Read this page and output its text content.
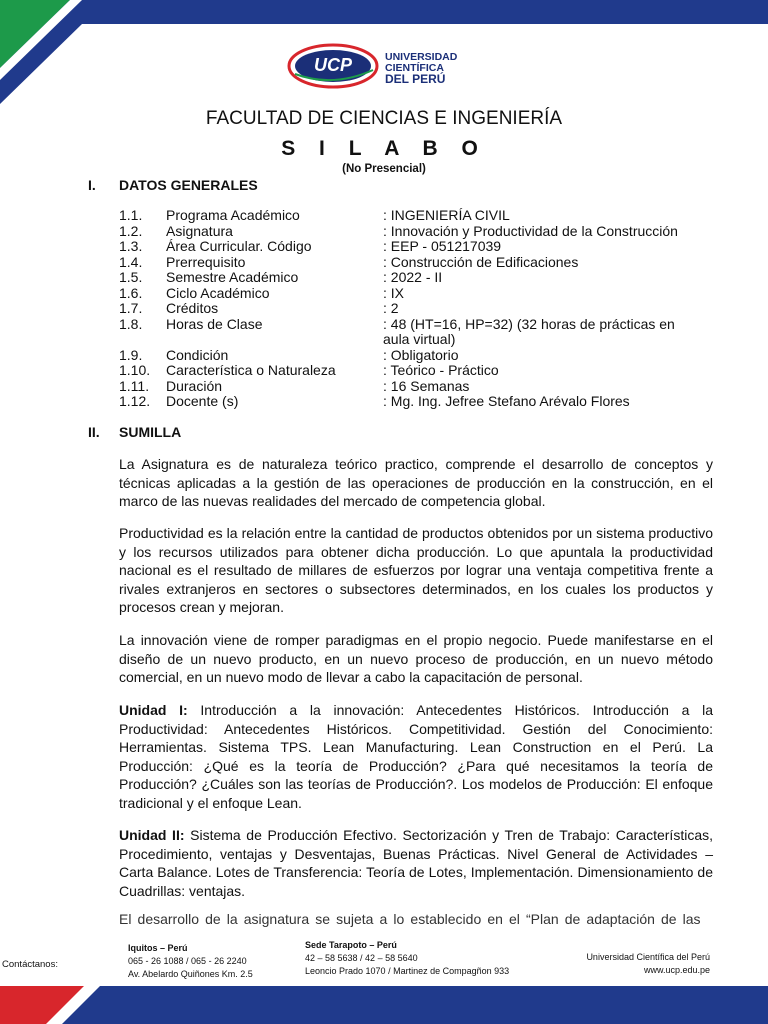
UCP	UNIVERSIDAD
CIENTÍFICA
DEL PERÚ
FACULTAD DE CIENCIAS E INGENIERÍA
S I L A B O
(No Presencial)
I. DATOS GENERALES
1.1. Programa Académico	: INGENIERÍA CIVIL
1.2. Asignatura	: Innovación y Productividad de la Construcción
1.3. Área Curricular. Código	: EEP - 051217039
1.4. Prerrequisito	: Construcción de Edificaciones
1.5. Semestre Académico	: 2022 - II
1.6. Ciclo Académico	: IX
1.7. Créditos	: 2
1.8. Horas de Clase	: 48 (HT=16, HP=32) (32 horas de prácticas en aula virtual)
1.9. Condición	: Obligatorio
1.10. Característica o Naturaleza	: Teórico - Práctico
1.11. Duración	: 16 Semanas
1.12. Docente (s)	: Mg. Ing. Jefree Stefano Arévalo Flores
II. SUMILLA
La Asignatura es de naturaleza teórico practico, comprende el desarrollo de conceptos y técnicas aplicadas a la gestión de las operaciones de producción en la construcción, en el marco de las nuevas realidades del mercado de competencia global.
Productividad es la relación entre la cantidad de productos obtenidos por un sistema productivo y los recursos utilizados para obtener dicha producción. Lo que apuntala la productividad nacional es el resultado de millares de esfuerzos por lograr una ventaja competitiva frente a rivales extranjeros en sectores o subsectores determinados, en los cuales los productos y procesos crean y mejoran.
La innovación viene de romper paradigmas en el propio negocio. Puede manifestarse en el diseño de un nuevo producto, en un nuevo proceso de producción, en un nuevo método comercial, en un nuevo modo de llevar a cabo la capacitación de personal.
Unidad I: Introducción a la innovación: Antecedentes Históricos. Introducción a la Productividad: Antecedentes Históricos. Competitividad. Gestión del Conocimiento: Herramientas. Sistema TPS. Lean Manufacturing. Lean Construction en el Perú. La Producción: ¿Qué es la teoría de Producción? ¿Para qué necesitamos la teoría de Producción? ¿Cuáles son las teorías de Producción?. Los modelos de Producción: El enfoque tradicional y el enfoque Lean.
Unidad II: Sistema de Producción Efectivo. Sectorización y Tren de Trabajo: Características, Procedimiento, ventajas y Desventajas, Buenas Prácticas. Nivel General de Actividades – Carta Balance. Lotes de Transferencia: Teoría de Lotes, Implementación. Dimensionamiento de Cuadrillas: ventajas.
El desarrollo de la asignatura se sujeta a lo establecido en el “Plan de adaptación de las
Contáctanos:
Iquitos – Perú
065 - 26 1088 / 065 - 26 2240
Av. Abelardo Quiñones Km. 2.5
Sede Tarapoto – Perú
42 – 58 5638 / 42 – 58 5640
Leoncio Prado 1070 / Martinez de Compagñon 933
Universidad Científica del Perú
www.ucp.edu.pe
